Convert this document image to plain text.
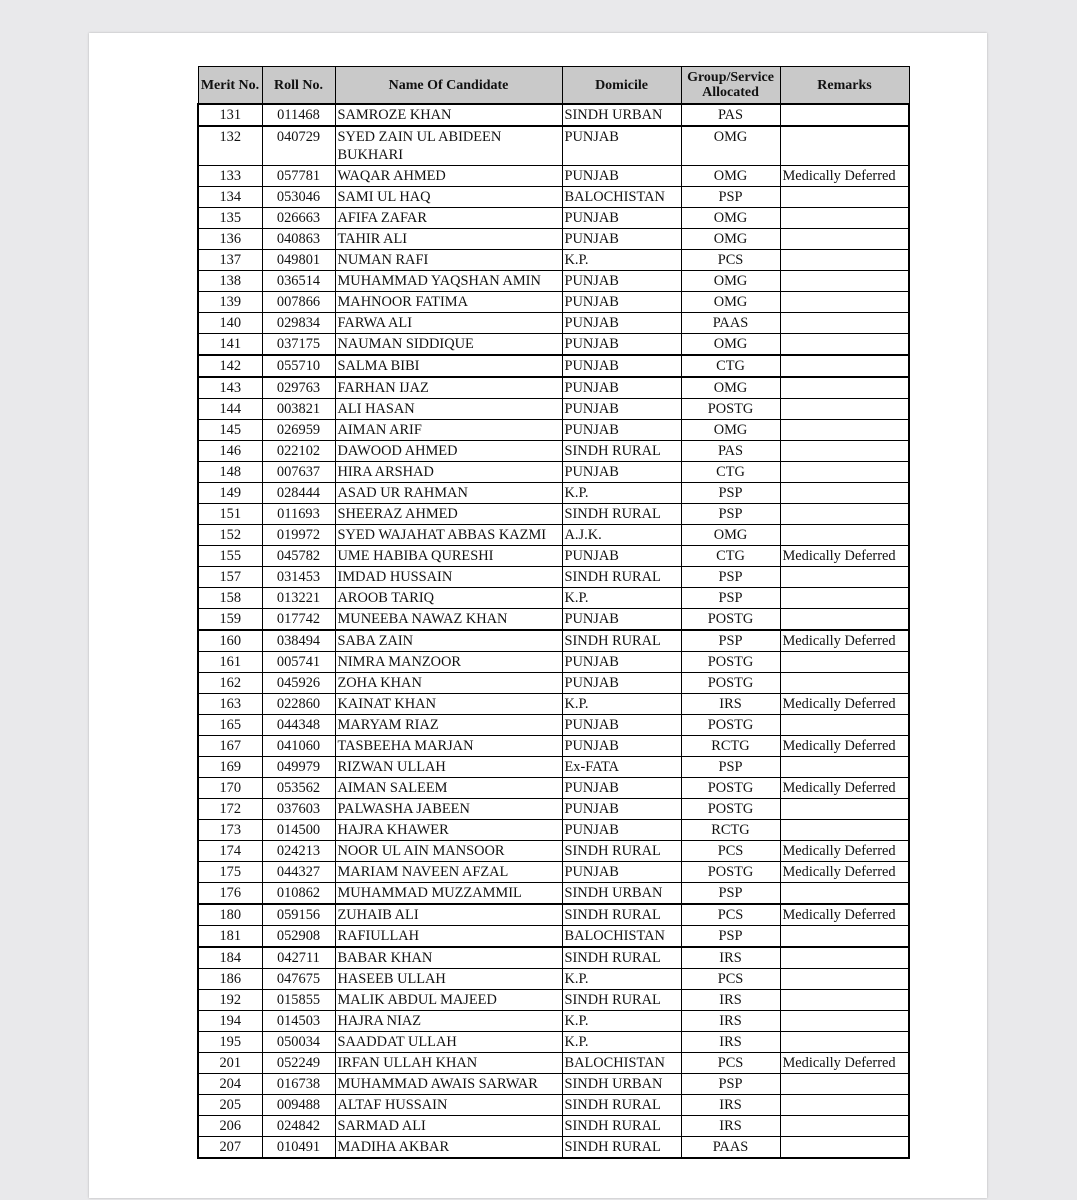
Merit No.	Roll No.	Name Of Candidate	Domicile	Group/Service Allocated	Remarks
131	011468	SAMROZE KHAN	SINDH URBAN	PAS	
132	040729	SYED ZAIN UL ABIDEEN BUKHARI	PUNJAB	OMG	
133	057781	WAQAR AHMED	PUNJAB	OMG	Medically Deferred
134	053046	SAMI UL HAQ	BALOCHISTAN	PSP	
135	026663	AFIFA ZAFAR	PUNJAB	OMG	
136	040863	TAHIR ALI	PUNJAB	OMG	
137	049801	NUMAN RAFI	K.P.	PCS	
138	036514	MUHAMMAD YAQSHAN AMIN	PUNJAB	OMG	
139	007866	MAHNOOR FATIMA	PUNJAB	OMG	
140	029834	FARWA ALI	PUNJAB	PAAS	
141	037175	NAUMAN SIDDIQUE	PUNJAB	OMG	
142	055710	SALMA BIBI	PUNJAB	CTG	
143	029763	FARHAN IJAZ	PUNJAB	OMG	
144	003821	ALI HASAN	PUNJAB	POSTG	
145	026959	AIMAN ARIF	PUNJAB	OMG	
146	022102	DAWOOD AHMED	SINDH RURAL	PAS	
148	007637	HIRA ARSHAD	PUNJAB	CTG	
149	028444	ASAD UR RAHMAN	K.P.	PSP	
151	011693	SHEERAZ AHMED	SINDH RURAL	PSP	
152	019972	SYED WAJAHAT ABBAS KAZMI	A.J.K.	OMG	
155	045782	UME HABIBA QURESHI	PUNJAB	CTG	Medically Deferred
157	031453	IMDAD HUSSAIN	SINDH RURAL	PSP	
158	013221	AROOB TARIQ	K.P.	PSP	
159	017742	MUNEEBA NAWAZ KHAN	PUNJAB	POSTG	
160	038494	SABA ZAIN	SINDH RURAL	PSP	Medically Deferred
161	005741	NIMRA MANZOOR	PUNJAB	POSTG	
162	045926	ZOHA KHAN	PUNJAB	POSTG	
163	022860	KAINAT KHAN	K.P.	IRS	Medically Deferred
165	044348	MARYAM RIAZ	PUNJAB	POSTG	
167	041060	TASBEEHA MARJAN	PUNJAB	RCTG	Medically Deferred
169	049979	RIZWAN ULLAH	Ex-FATA	PSP	
170	053562	AIMAN SALEEM	PUNJAB	POSTG	Medically Deferred
172	037603	PALWASHA JABEEN	PUNJAB	POSTG	
173	014500	HAJRA KHAWER	PUNJAB	RCTG	
174	024213	NOOR UL AIN MANSOOR	SINDH RURAL	PCS	Medically Deferred
175	044327	MARIAM NAVEEN AFZAL	PUNJAB	POSTG	Medically Deferred
176	010862	MUHAMMAD MUZZAMMIL	SINDH URBAN	PSP	
180	059156	ZUHAIB ALI	SINDH RURAL	PCS	Medically Deferred
181	052908	RAFIULLAH	BALOCHISTAN	PSP	
184	042711	BABAR KHAN	SINDH RURAL	IRS	
186	047675	HASEEB ULLAH	K.P.	PCS	
192	015855	MALIK ABDUL MAJEED	SINDH RURAL	IRS	
194	014503	HAJRA NIAZ	K.P.	IRS	
195	050034	SAADDAT ULLAH	K.P.	IRS	
201	052249	IRFAN ULLAH KHAN	BALOCHISTAN	PCS	Medically Deferred
204	016738	MUHAMMAD AWAIS SARWAR	SINDH URBAN	PSP	
205	009488	ALTAF HUSSAIN	SINDH RURAL	IRS	
206	024842	SARMAD ALI	SINDH RURAL	IRS	
207	010491	MADIHA AKBAR	SINDH RURAL	PAAS	
